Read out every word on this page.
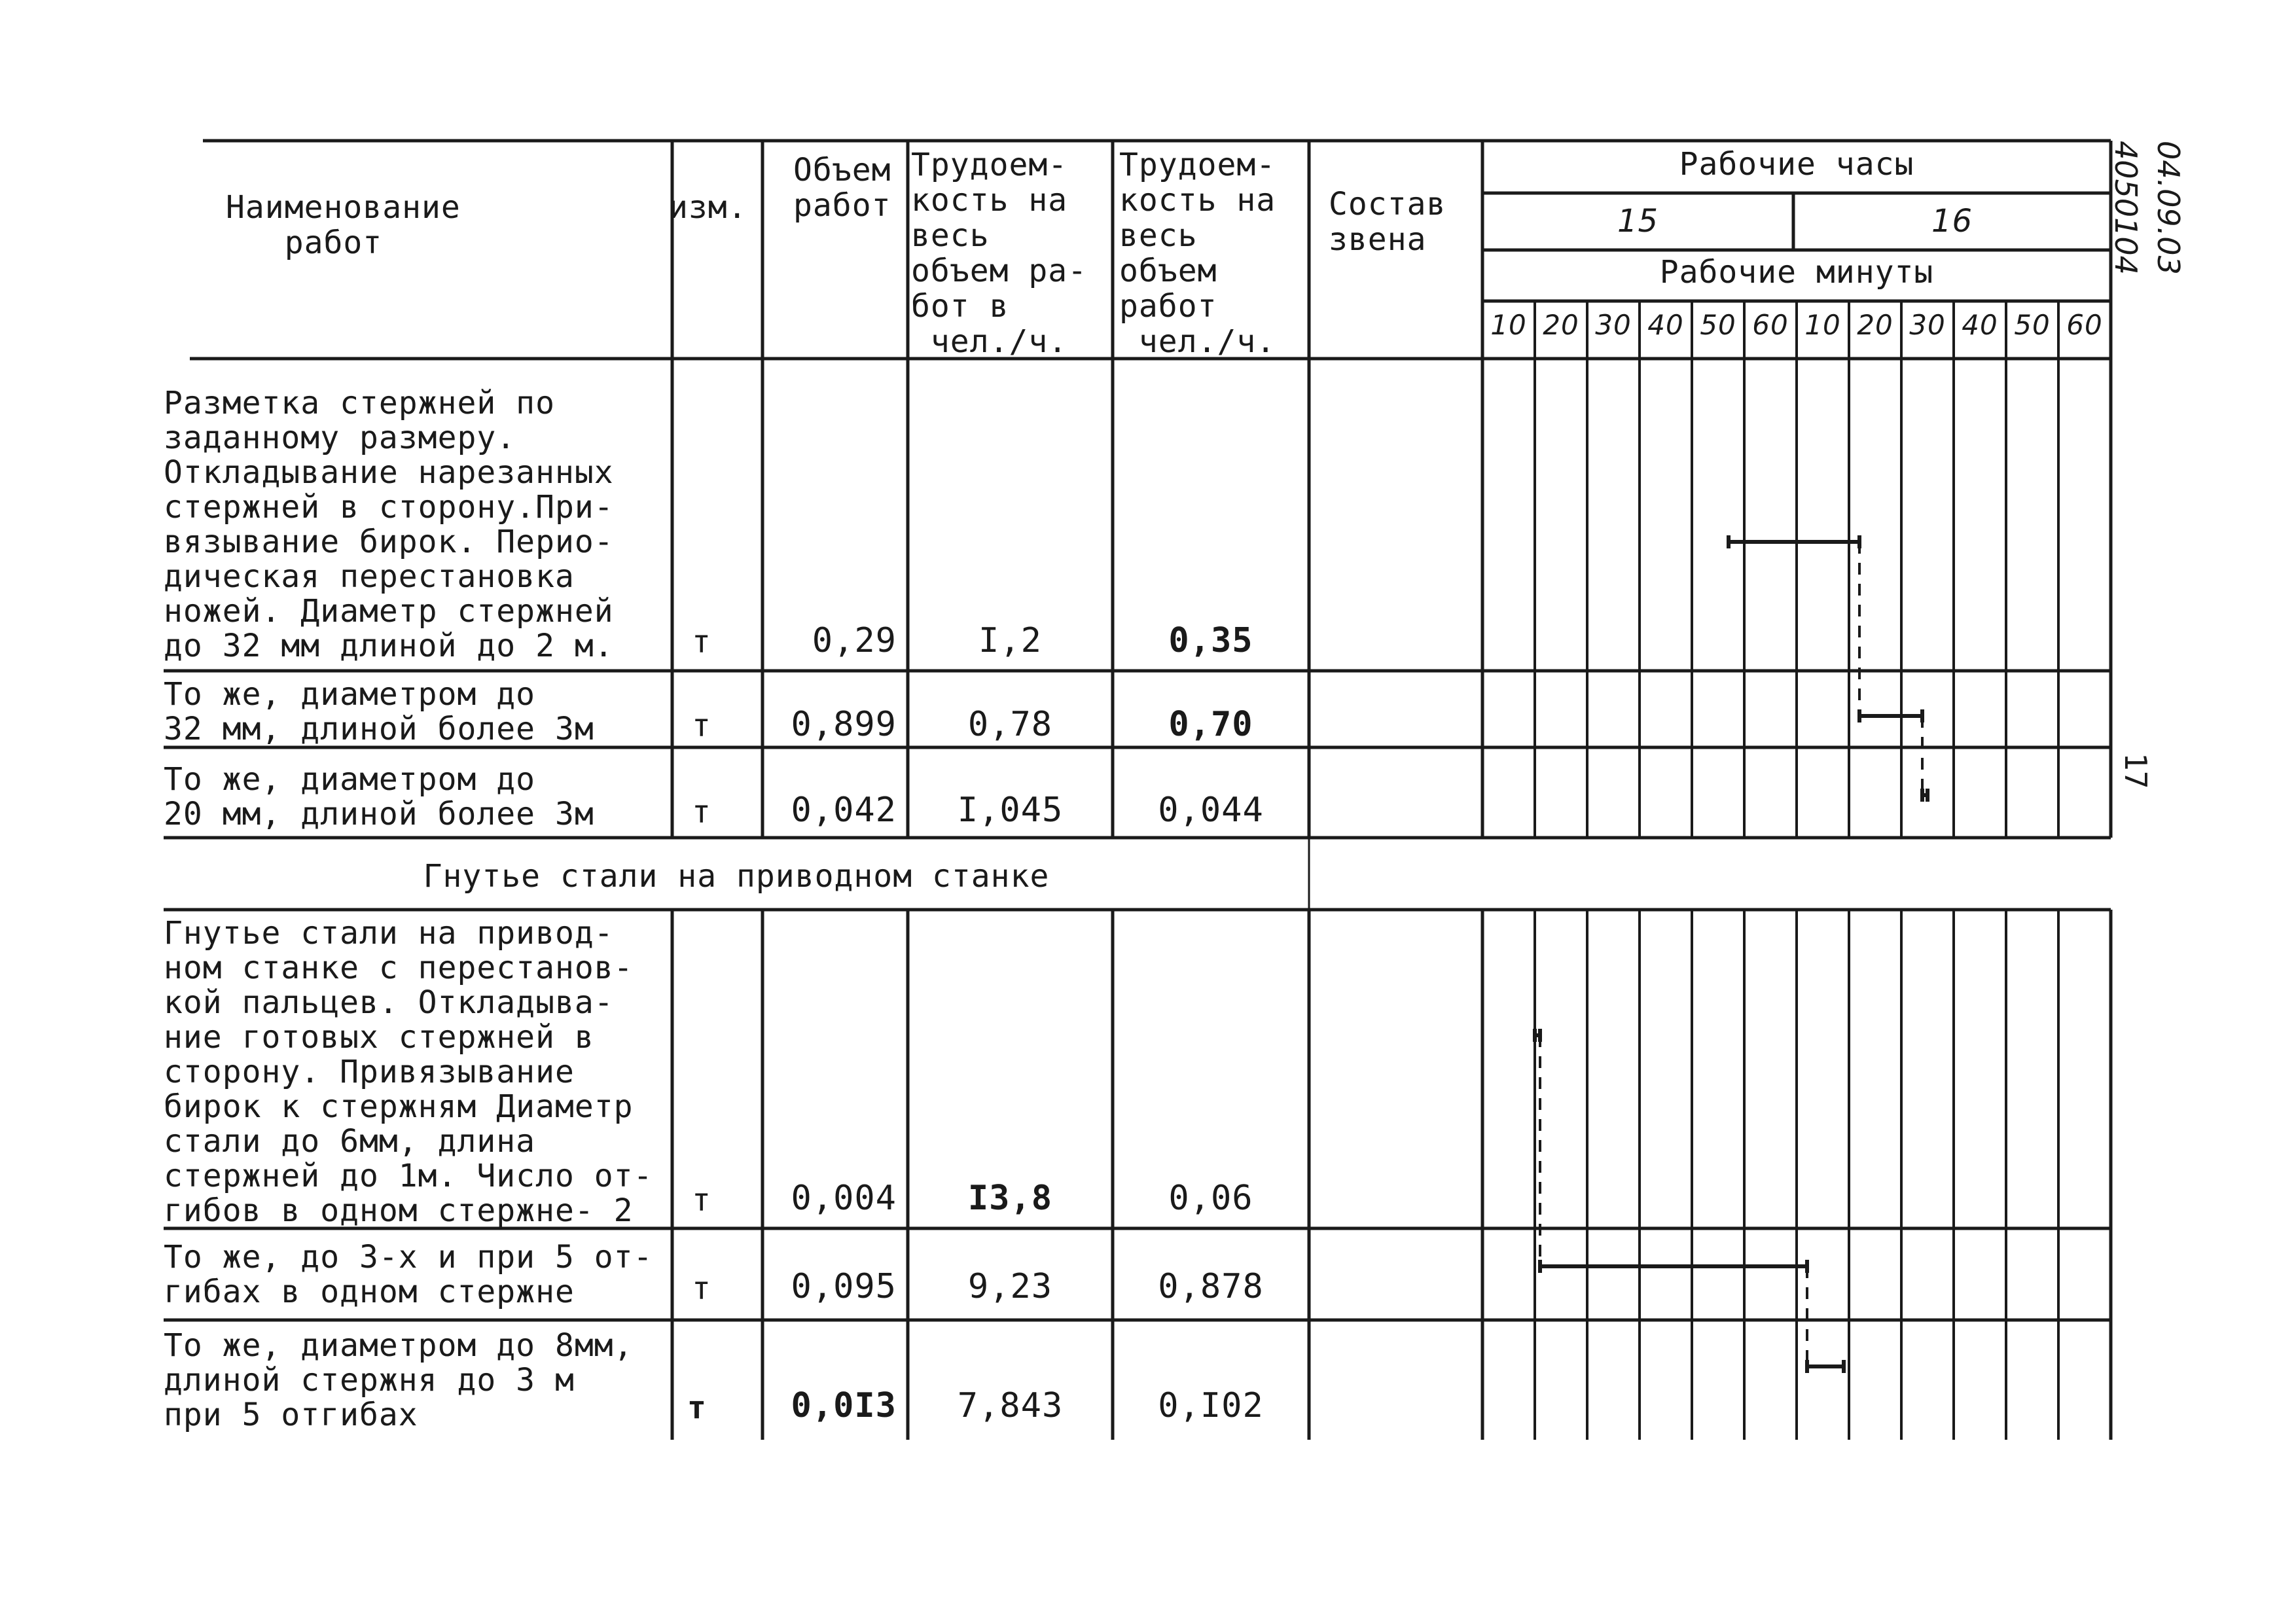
Наименование
работ
изм.
Объем
работ
Трудоем-
кость на
весь
объем ра-
бот в
чел./ч.
Трудоем-
кость на
весь
объем
работ
чел./ч.
Состав
звена
Рабочие часы
15	16
Рабочие минуты
10 20 30 40 50 60 10 20 30 40 50 60
04.09.03
4050104
17
Разметка стержней по
заданному размеру.
Откладывание нарезанных
стержней в сторону.При-
вязывание бирок. Перио-
дическая перестановка
ножей. Диаметр стержней
до 32 мм длиной до 2 м. т	0,29	I,2	0,35
То же, диаметром до
32 мм, длиной более 3м	т	0,899	0,78	0,70
То же, диаметром до
20 мм, длиной более 3м	т	0,042	I,045	0,044
Гнутье стали на приводном станке
Гнутье стали на привод-
ном станке с перестанов-
кой пальцев. Откладыва-
ние готовых стержней в
сторону. Привязывание
бирок к стержням Диаметр
стали до 6мм, длина
стержней до 1м. Число от-
гибов в одном стержне- 2	т	0,004	I3,8	0,06
То же, до 3-х и при 5 от-
гибах в одном стержне	т	0,095	9,23	0,878
То же, диаметром до 8мм,
длиной стержня до 3 м
при 5 отгибах	т	0,0I3	7,843	0,I02
